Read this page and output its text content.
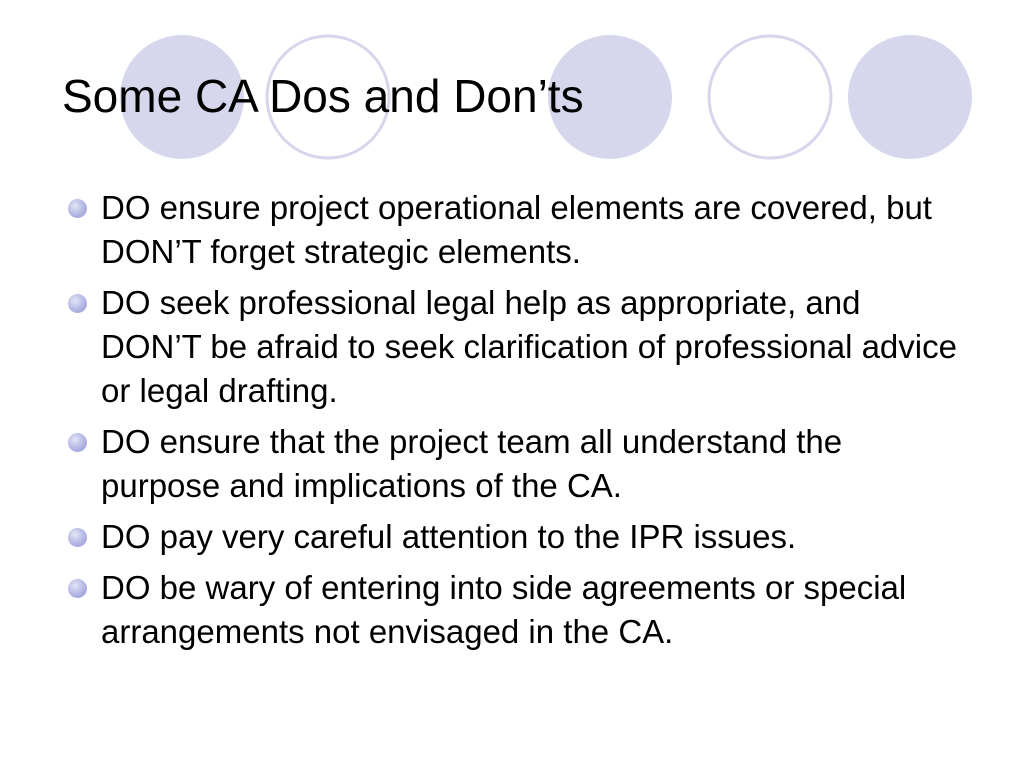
Some CA Dos and Don’ts
DO ensure project operational elements are covered, but DON’T forget strategic elements.
DO seek professional legal help as appropriate, and DON’T be afraid to seek clarification of professional advice or legal drafting.
DO ensure that the project team all understand the purpose and implications of the CA.
DO pay very careful attention to the IPR issues.
DO be wary of entering into side agreements or special arrangements not envisaged in the CA.
